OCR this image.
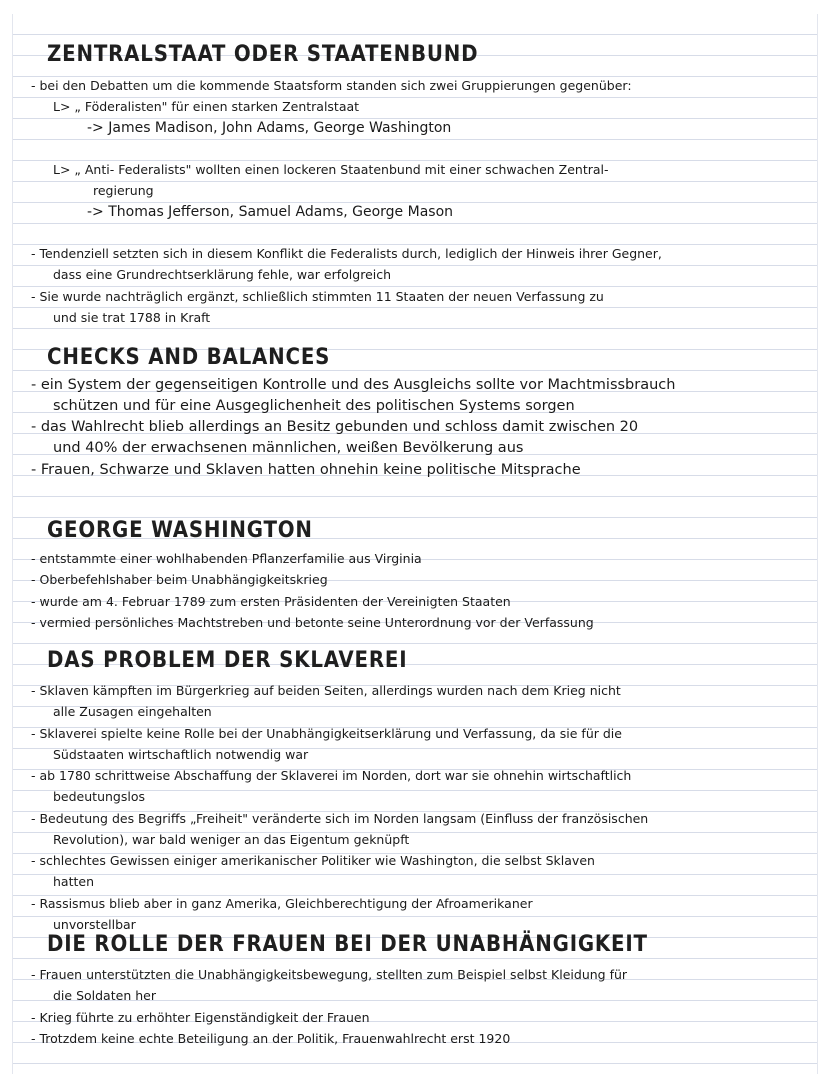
ZENTRALSTAAT ODER STAATENBUND
- bei den Debatten um die kommende Staatsform standen sich zwei Gruppierungen gegenüber:
L> „ Föderalisten" für einen starken Zentralstaat
-> James Madison, John Adams, George Washington
L> „ Anti- Federalists" wollten einen lockeren Staatenbund mit einer schwachen Zentral-
regierung
-> Thomas Jefferson, Samuel Adams, George Mason
- Tendenziell setzten sich in diesem Konflikt die Federalists durch, lediglich der Hinweis ihrer Gegner,
dass eine Grundrechtserklärung fehle, war erfolgreich
- Sie wurde nachträglich ergänzt, schließlich stimmten 11 Staaten der neuen Verfassung zu
und sie trat 1788 in Kraft
CHECKS AND BALANCES
- ein System der gegenseitigen Kontrolle und des Ausgleichs sollte vor Machtmissbrauch
schützen und für eine Ausgeglichenheit des politischen Systems sorgen
- das Wahlrecht blieb allerdings an Besitz gebunden und schloss damit zwischen 20
und 40% der erwachsenen männlichen, weißen Bevölkerung aus
- Frauen, Schwarze und Sklaven hatten ohnehin keine politische Mitsprache
GEORGE WASHINGTON
- entstammte einer wohlhabenden Pflanzerfamilie aus Virginia
- Oberbefehlshaber beim Unabhängigkeitskrieg
- wurde am 4. Februar 1789 zum ersten Präsidenten der Vereinigten Staaten
- vermied persönliches Machtstreben und betonte seine Unterordnung vor der Verfassung
DAS PROBLEM DER SKLAVEREI
- Sklaven kämpften im Bürgerkrieg auf beiden Seiten, allerdings wurden nach dem Krieg nicht
alle Zusagen eingehalten
- Sklaverei spielte keine Rolle bei der Unabhängigkeitserklärung und Verfassung, da sie für die
Südstaaten wirtschaftlich notwendig war
- ab 1780 schrittweise Abschaffung der Sklaverei im Norden, dort war sie ohnehin wirtschaftlich
bedeutungslos
- Bedeutung des Begriffs „Freiheit" veränderte sich im Norden langsam (Einfluss der französischen
Revolution), war bald weniger an das Eigentum geknüpft
- schlechtes Gewissen einiger amerikanischer Politiker wie Washington, die selbst Sklaven
hatten
- Rassismus blieb aber in ganz Amerika, Gleichberechtigung der Afroamerikaner
unvorstellbar
DIE ROLLE DER FRAUEN BEI DER UNABHÄNGIGKEIT
- Frauen unterstützten die Unabhängigkeitsbewegung, stellten zum Beispiel selbst Kleidung für
die Soldaten her
- Krieg führte zu erhöhter Eigenständigkeit der Frauen
- Trotzdem keine echte Beteiligung an der Politik, Frauenwahlrecht erst 1920
